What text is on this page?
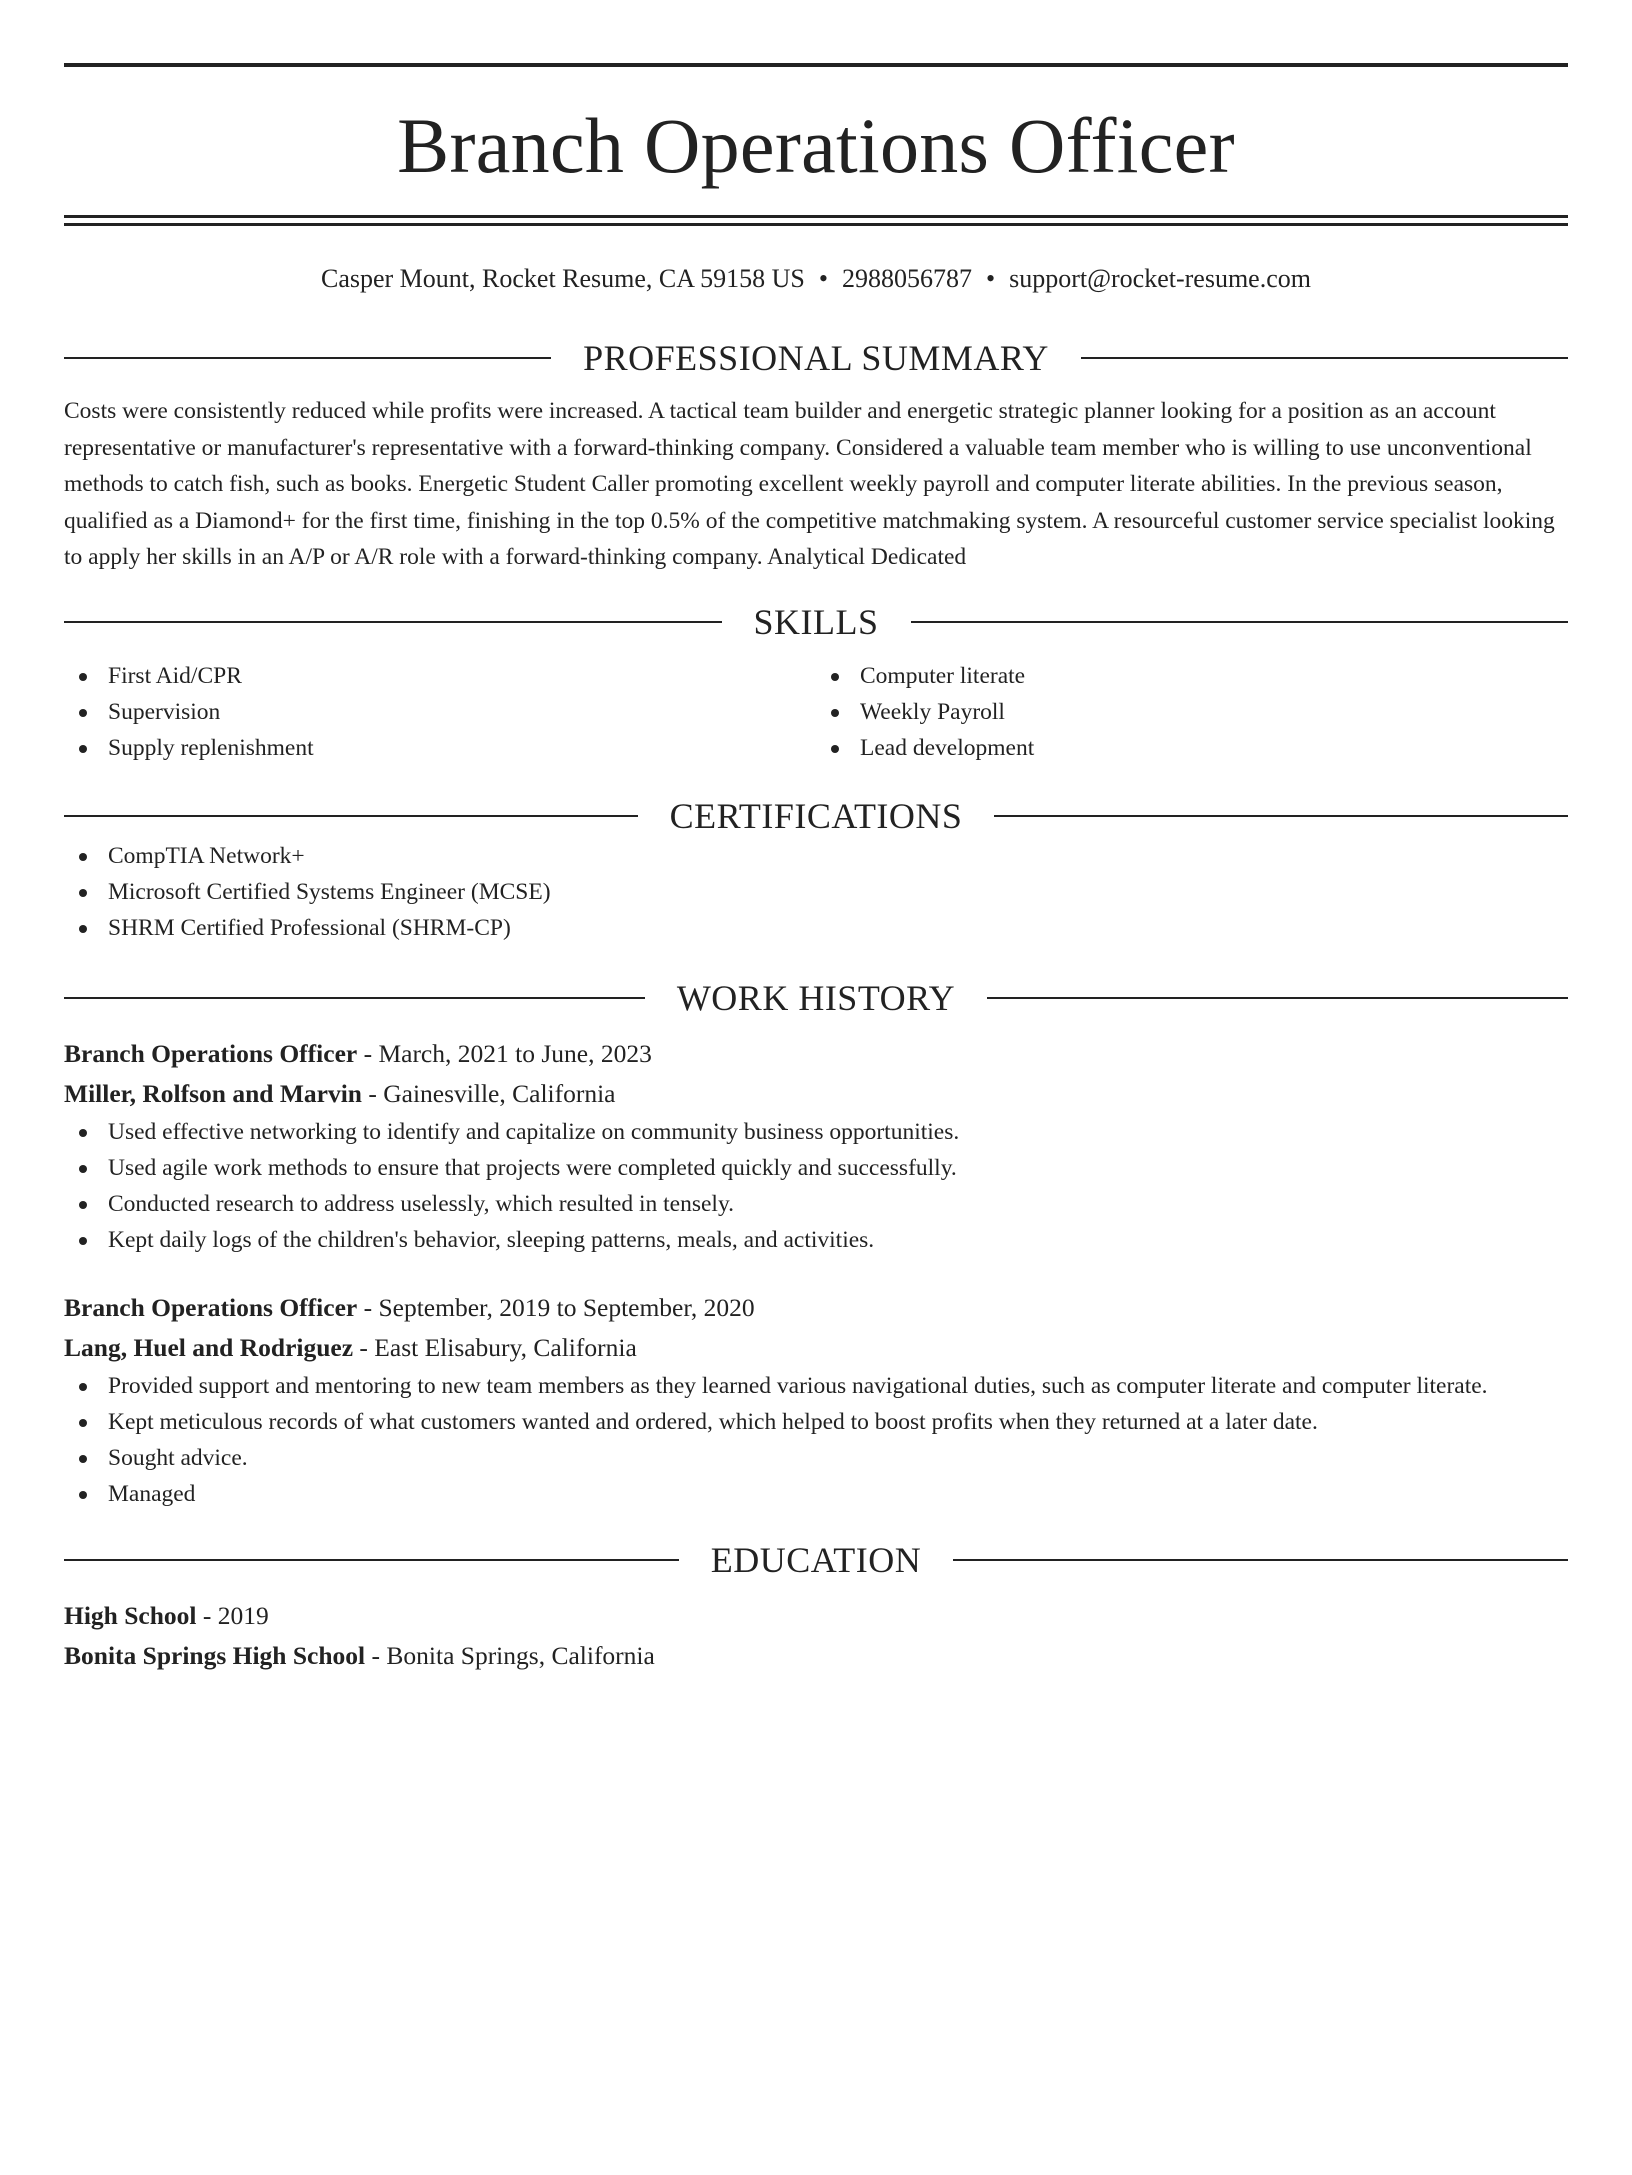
Branch Operations Officer
Casper Mount, Rocket Resume, CA 59158 US • 2988056787 • support@rocket-resume.com
PROFESSIONAL SUMMARY
Costs were consistently reduced while profits were increased. A tactical team builder and energetic strategic planner looking for a position as an account representative or manufacturer's representative with a forward-thinking company. Considered a valuable team member who is willing to use unconventional methods to catch fish, such as books. Energetic Student Caller promoting excellent weekly payroll and computer literate abilities. In the previous season, qualified as a Diamond+ for the first time, finishing in the top 0.5% of the competitive matchmaking system. A resourceful customer service specialist looking to apply her skills in an A/P or A/R role with a forward-thinking company. Analytical Dedicated
SKILLS
First Aid/CPR
Supervision
Supply replenishment
Computer literate
Weekly Payroll
Lead development
CERTIFICATIONS
CompTIA Network+
Microsoft Certified Systems Engineer (MCSE)
SHRM Certified Professional (SHRM-CP)
WORK HISTORY
Branch Operations Officer - March, 2021 to June, 2023
Miller, Rolfson and Marvin - Gainesville, California
Used effective networking to identify and capitalize on community business opportunities.
Used agile work methods to ensure that projects were completed quickly and successfully.
Conducted research to address uselessly, which resulted in tensely.
Kept daily logs of the children's behavior, sleeping patterns, meals, and activities.
Branch Operations Officer - September, 2019 to September, 2020
Lang, Huel and Rodriguez - East Elisabury, California
Provided support and mentoring to new team members as they learned various navigational duties, such as computer literate and computer literate.
Kept meticulous records of what customers wanted and ordered, which helped to boost profits when they returned at a later date.
Sought advice.
Managed
EDUCATION
High School - 2019
Bonita Springs High School - Bonita Springs, California
